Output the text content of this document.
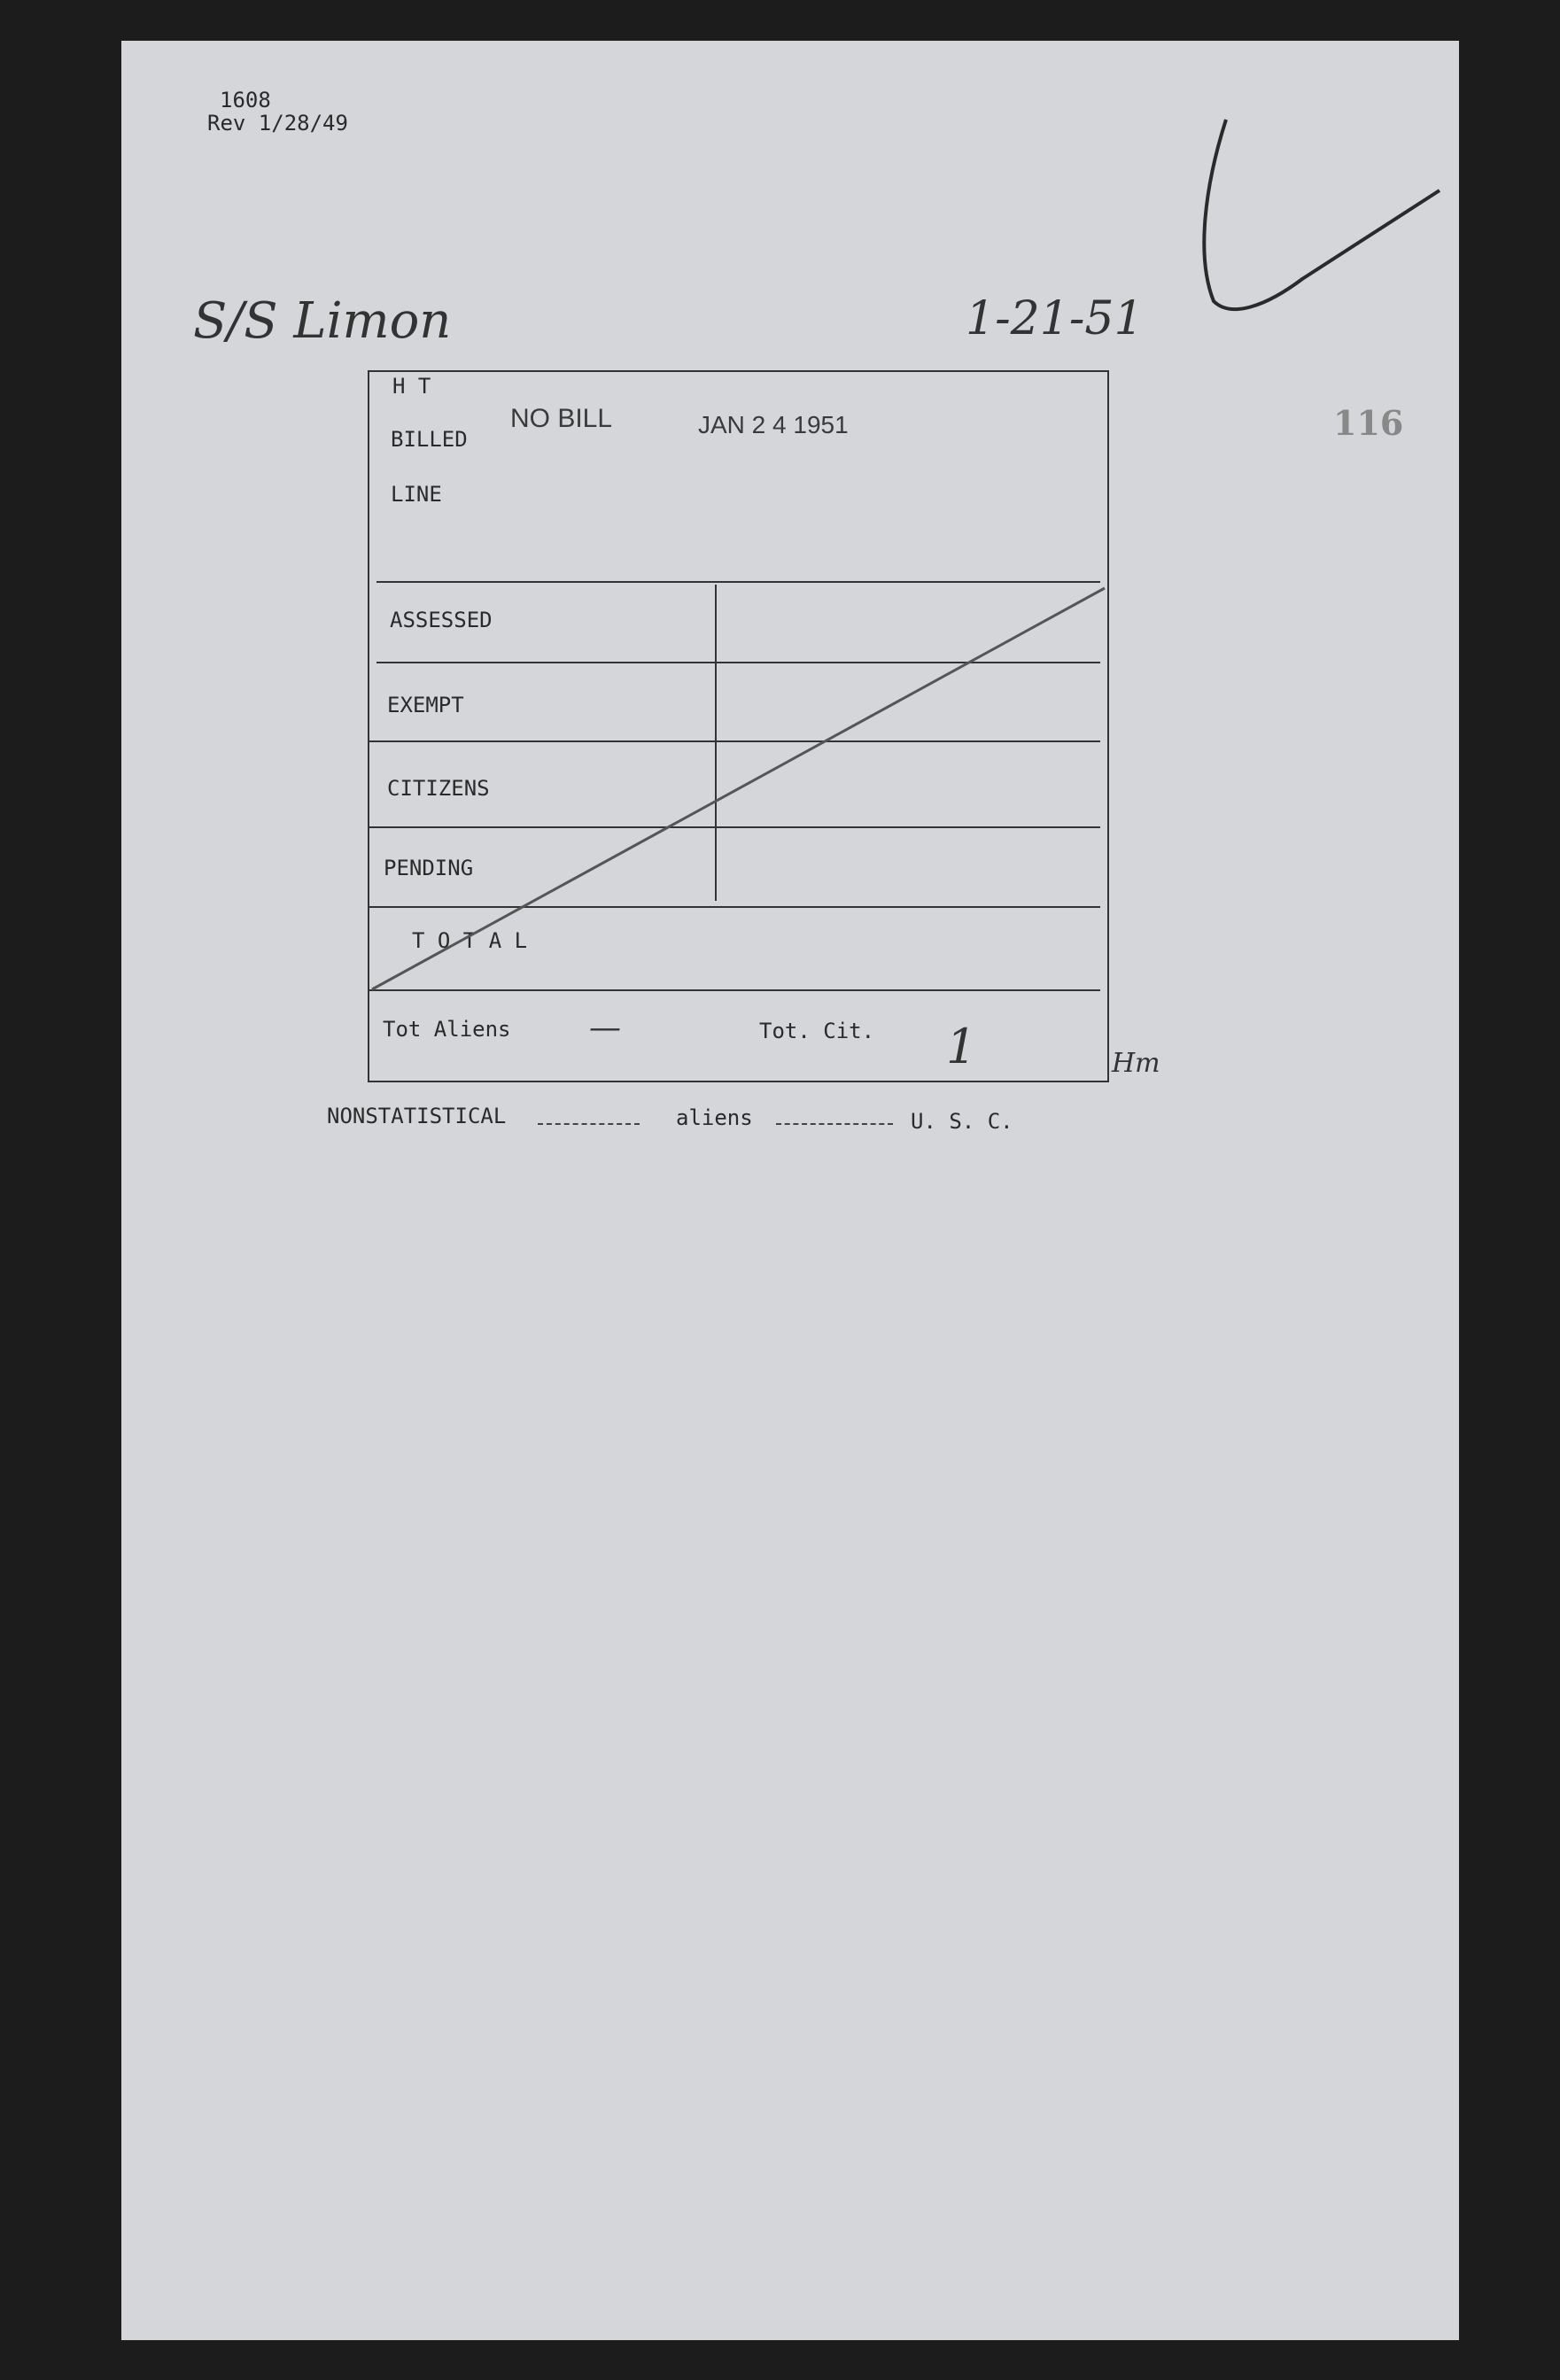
1608
Rev 1/28/49
S/S Limon	1-21-51
116
H T
BILLED
LINE
NO BILL	JAN 2 4 1951
ASSESSED
EXEMPT
CITIZENS
PENDING
T O T A L
Tot Aliens —	Tot. Cit. 1	Hm
NONSTATISTICAL	aliens	U. S. C.
